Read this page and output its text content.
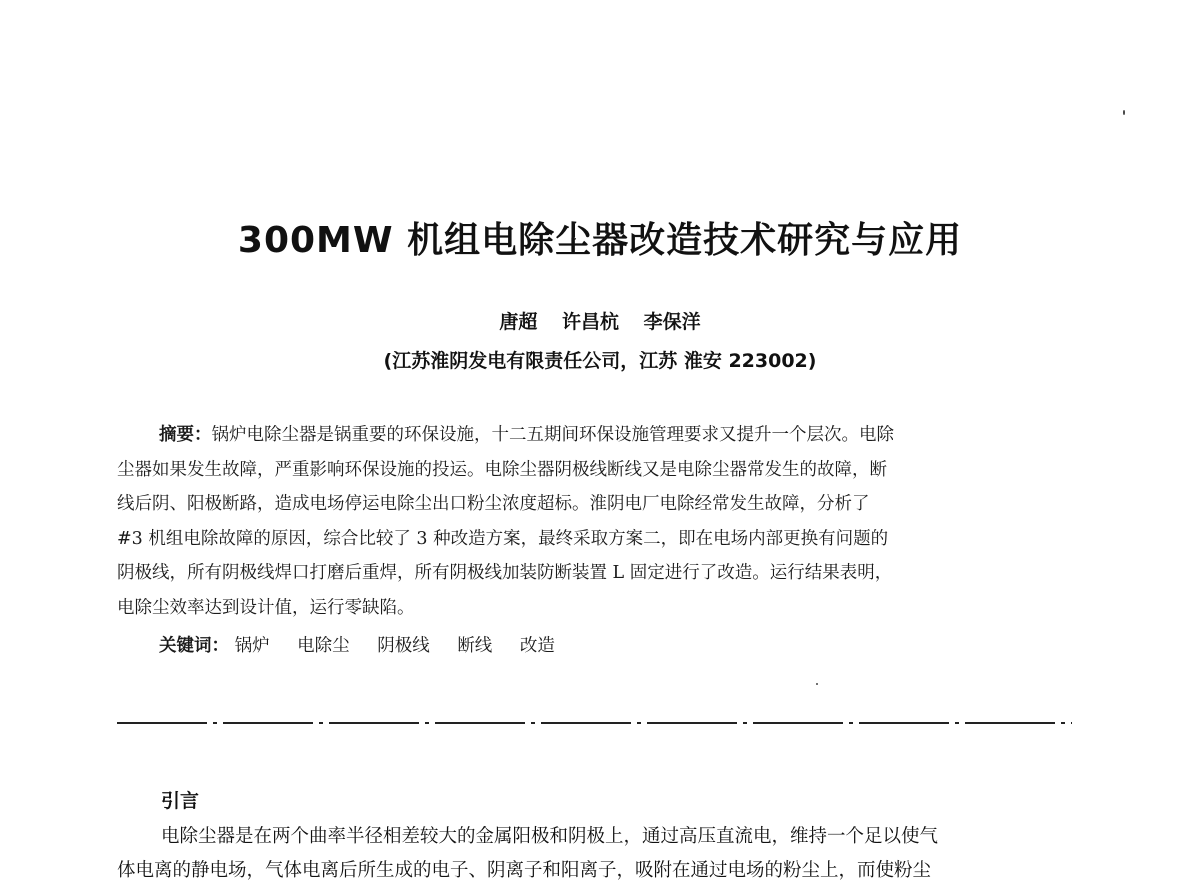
300MW 机组电除尘器改造技术研究与应用
唐超 许昌杭 李保洋
(江苏淮阴发电有限责任公司，江苏 淮安 223002)
摘要：锅炉电除尘器是锅重要的环保设施，十二五期间环保设施管理要求又提升一个层次。电除
尘器如果发生故障，严重影响环保设施的投运。电除尘器阴极线断线又是电除尘器常发生的故障，断
线后阴、阳极断路，造成电场停运电除尘出口粉尘浓度超标。淮阴电厂电除经常发生故障，分析了
#3 机组电除故障的原因，综合比较了 3 种改造方案，最终采取方案二，即在电场内部更换有问题的
阴极线，所有阴极线焊口打磨后重焊，所有阴极线加装防断装置 L 固定进行了改造。运行结果表明，
电除尘效率达到设计值，运行零缺陷。
关键词： 锅炉 电除尘 阴极线 断线 改造
引言
电除尘器是在两个曲率半径相差较大的金属阳极和阴极上，通过高压直流电，维持一个足以使气
体电离的静电场，气体电离后所生成的电子、阴离子和阳离子，吸附在通过电场的粉尘上，而使粉尘
